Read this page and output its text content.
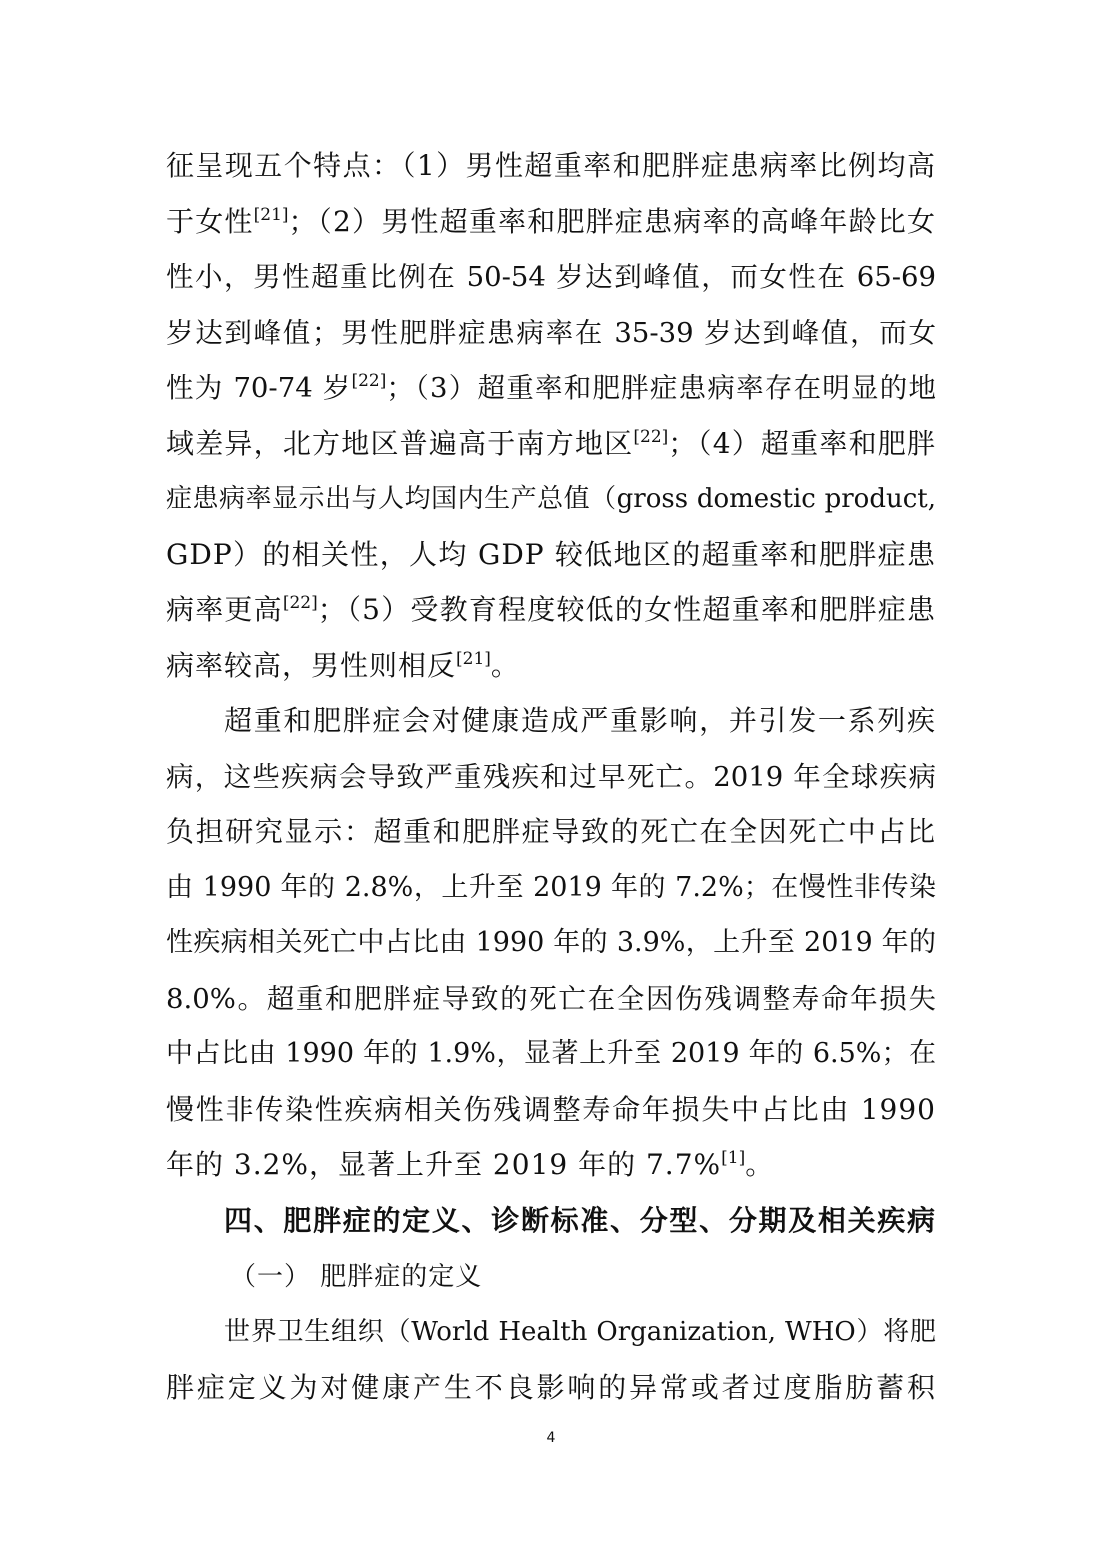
征呈现五个特点：（1）男性超重率和肥胖症患病率比例均高
于女性[21]；（2）男性超重率和肥胖症患病率的高峰年龄比女
性小，男性超重比例在 50-54 岁达到峰值，而女性在 65-69
岁达到峰值；男性肥胖症患病率在 35-39 岁达到峰值，而女
性为 70-74 岁[22]；（3）超重率和肥胖症患病率存在明显的地
域差异，北方地区普遍高于南方地区[22]；（4）超重率和肥胖
症患病率显示出与人均国内生产总值（gross domestic product,
GDP）的相关性，人均 GDP 较低地区的超重率和肥胖症患
病率更高[22]；（5）受教育程度较低的女性超重率和肥胖症患
病率较高，男性则相反[21]。
超重和肥胖症会对健康造成严重影响，并引发一系列疾
病，这些疾病会导致严重残疾和过早死亡。2019 年全球疾病
负担研究显示：超重和肥胖症导致的死亡在全因死亡中占比
由 1990 年的 2.8%，上升至 2019 年的 7.2%；在慢性非传染
性疾病相关死亡中占比由 1990 年的 3.9%，上升至 2019 年的
8.0%。超重和肥胖症导致的死亡在全因伤残调整寿命年损失
中占比由 1990 年的 1.9%，显著上升至 2019 年的 6.5%；在
慢性非传染性疾病相关伤残调整寿命年损失中占比由 1990
年的 3.2%，显著上升至 2019 年的 7.7%[1]。
四、肥胖症的定义、诊断标准、分型、分期及相关疾病
（一） 肥胖症的定义
世界卫生组织（World Health Organization, WHO）将肥
胖症定义为对健康产生不良影响的异常或者过度脂肪蓄积
4
